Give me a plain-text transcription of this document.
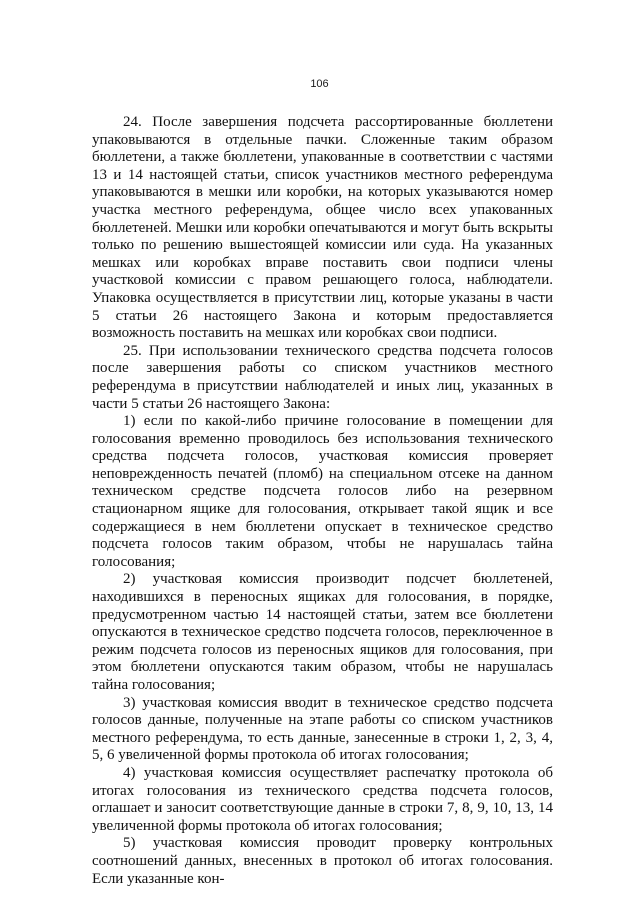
106

24. После завершения подсчета рассортированные бюллетени упаковываются в отдельные пачки. Сложенные таким образом бюллетени, а также бюллетени, упакованные в соответствии с частями 13 и 14 настоящей статьи, список участников местного референдума упаковываются в мешки или коробки, на которых указываются номер участка местного референдума, общее число всех упакованных бюллетеней. Мешки или коробки опечатываются и могут быть вскрыты только по решению вышестоящей комиссии или суда. На указанных мешках или коробках вправе поставить свои подписи члены участковой комиссии с правом решающего голоса, наблюдатели. Упаковка осуществляется в присутствии лиц, которые указаны в части 5 статьи 26 настоящего Закона и которым предоставляется возможность поставить на мешках или коробках свои подписи.

25. При использовании технического средства подсчета голосов после завершения работы со списком участников местного референдума в присутствии наблюдателей и иных лиц, указанных в части 5 статьи 26 настоящего Закона:

1) если по какой-либо причине голосование в помещении для голосования временно проводилось без использования технического средства подсчета голосов, участковая комиссия проверяет неповрежденность печатей (пломб) на специальном отсеке на данном техническом средстве подсчета голосов либо на резервном стационарном ящике для голосования, открывает такой ящик и все содержащиеся в нем бюллетени опускает в техническое средство подсчета голосов таким образом, чтобы не нарушалась тайна голосования;

2) участковая комиссия производит подсчет бюллетеней, находившихся в переносных ящиках для голосования, в порядке, предусмотренном частью 14 настоящей статьи, затем все бюллетени опускаются в техническое средство подсчета голосов, переключенное в режим подсчета голосов из переносных ящиков для голосования, при этом бюллетени опускаются таким образом, чтобы не нарушалась тайна голосования;

3) участковая комиссия вводит в техническое средство подсчета голосов данные, полученные на этапе работы со списком участников местного референдума, то есть данные, занесенные в строки 1, 2, 3, 4, 5, 6 увеличенной формы протокола об итогах голосования;

4) участковая комиссия осуществляет распечатку протокола об итогах голосования из технического средства подсчета голосов, оглашает и заносит соответствующие данные в строки 7, 8, 9, 10, 13, 14 увеличенной формы протокола об итогах голосования;

5) участковая комиссия проводит проверку контрольных соотношений данных, внесенных в протокол об итогах голосования. Если указанные кон-
